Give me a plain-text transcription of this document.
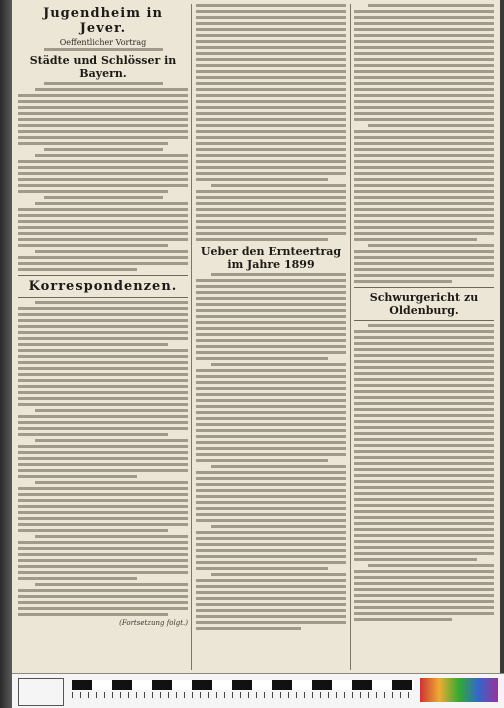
Jugendheim in Jever.
Oeffentlicher Vortrag
Städte und Schlösser in Bayern.
Korrespondenzen.
(Fortsetzung folgt.)
Ueber den Ernteertrag im Jahre 1899
Schwurgericht zu Oldenburg.
